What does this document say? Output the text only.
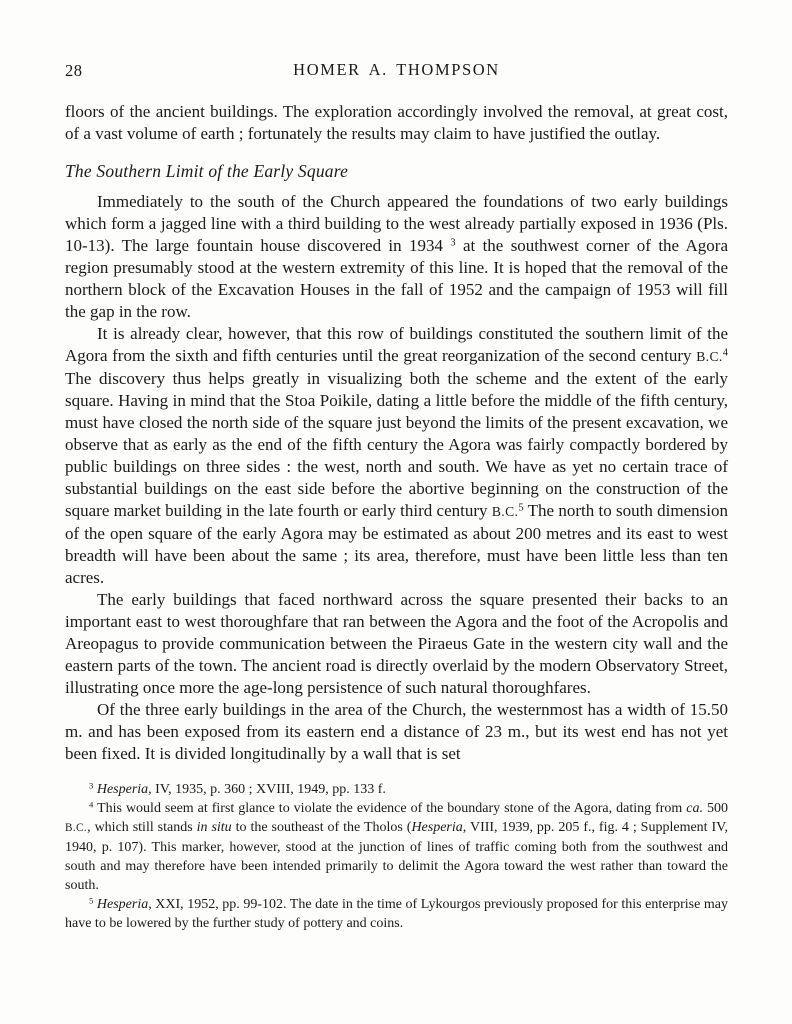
28	HOMER A. THOMPSON

floors of the ancient buildings. The exploration accordingly involved the removal, at great cost, of a vast volume of earth ; fortunately the results may claim to have justified the outlay.

The Southern Limit of the Early Square

Immediately to the south of the Church appeared the foundations of two early buildings which form a jagged line with a third building to the west already partially exposed in 1936 (Pls. 10-13). The large fountain house discovered in 1934 $^3$ at the southwest corner of the Agora region presumably stood at the western extremity of this line. It is hoped that the removal of the northern block of the Excavation Houses in the fall of 1952 and the campaign of 1953 will fill the gap in the row.

It is already clear, however, that this row of buildings constituted the southern limit of the Agora from the sixth and fifth centuries until the great reorganization of the second century B.C.$^4$ The discovery thus helps greatly in visualizing both the scheme and the extent of the early square. Having in mind that the Stoa Poikile, dating a little before the middle of the fifth century, must have closed the north side of the square just beyond the limits of the present excavation, we observe that as early as the end of the fifth century the Agora was fairly compactly bordered by public buildings on three sides : the west, north and south. We have as yet no certain trace of substantial buildings on the east side before the abortive beginning on the construction of the square market building in the late fourth or early third century B.C.$^5$ The north to south dimension of the open square of the early Agora may be estimated as about 200 metres and its east to west breadth will have been about the same ; its area, therefore, must have been little less than ten acres.

The early buildings that faced northward across the square presented their backs to an important east to west thoroughfare that ran between the Agora and the foot of the Acropolis and Areopagus to provide communication between the Piraeus Gate in the western city wall and the eastern parts of the town. The ancient road is directly overlaid by the modern Observatory Street, illustrating once more the age-long persistence of such natural thoroughfares.

Of the three early buildings in the area of the Church, the westernmost has a width of 15.50 m. and has been exposed from its eastern end a distance of 23 m., but its west end has not yet been fixed. It is divided longitudinally by a wall that is set

$^3$ Hesperia, IV, 1935, p. 360 ; XVIII, 1949, pp. 133 f.

$^4$ This would seem at first glance to violate the evidence of the boundary stone of the Agora, dating from ca. 500 B.C., which still stands in situ to the southeast of the Tholos (Hesperia, VIII, 1939, pp. 205 f., fig. 4 ; Supplement IV, 1940, p. 107). This marker, however, stood at the junction of lines of traffic coming both from the southwest and south and may therefore have been intended primarily to delimit the Agora toward the west rather than toward the south.

$^5$ Hesperia, XXI, 1952, pp. 99-102. The date in the time of Lykourgos previously proposed for this enterprise may have to be lowered by the further study of pottery and coins.
